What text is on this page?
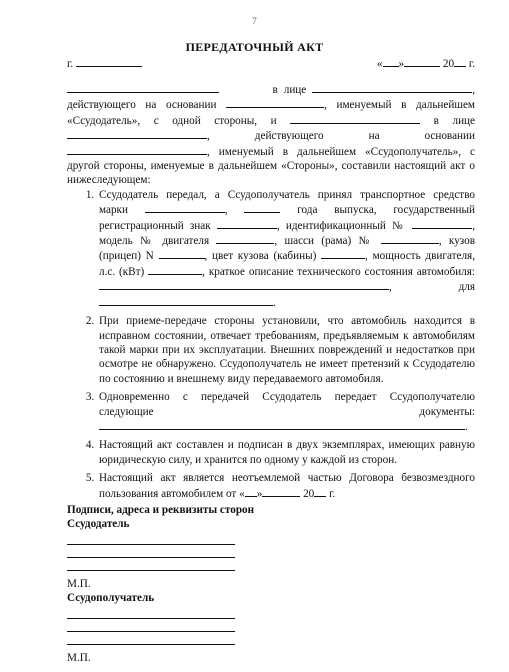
7
ПЕРЕДАТОЧНЫЙ АКТ
г.	« »	20 г.

в лице	, действующего на основании	, именуемый в дальнейшем «Ссудодатель», с одной стороны, и	в лице , действующего на основании , именуемый в дальнейшем «Ссудополучатель», с другой стороны, именуемые в дальнейшем «Стороны», составили настоящий акт о нижеследующем:

1. Ссудодатель передал, а Ссудополучатель принял транспортное средство марки	,	года выпуска, государственный регистрационный знак	, идентификационный №	, модель № двигателя	, шасси (рама) №	, кузов (прицеп) N	, цвет кузова (кабины)	, мощность двигателя, л.с. (кВт)	, краткое описание технического состояния автомобиля: , для .
2. При приеме-передаче стороны установили, что автомобиль находится в исправном состоянии, отвечает требованиям, предъявляемым к автомобилям такой марки при их эксплуатации. Внешних повреждений и недостатков при осмотре не обнаружено. Ссудополучатель не имеет претензий к Ссудодателю по состоянию и внешнему виду передаваемого автомобиля.
3. Одновременно с передачей Ссудодатель передает Ссудополучателю следующие документы: .
4. Настоящий акт составлен и подписан в двух экземплярах, имеющих равную юридическую силу, и хранится по одному у каждой из сторон.
5. Настоящий акт является неотъемлемой частью Договора безвозмездного пользования автомобилем от « »	20 г.
Подписи, адреса и реквизиты сторон
Ссудодатель
М.П.
Ссудополучатель
М.П.
